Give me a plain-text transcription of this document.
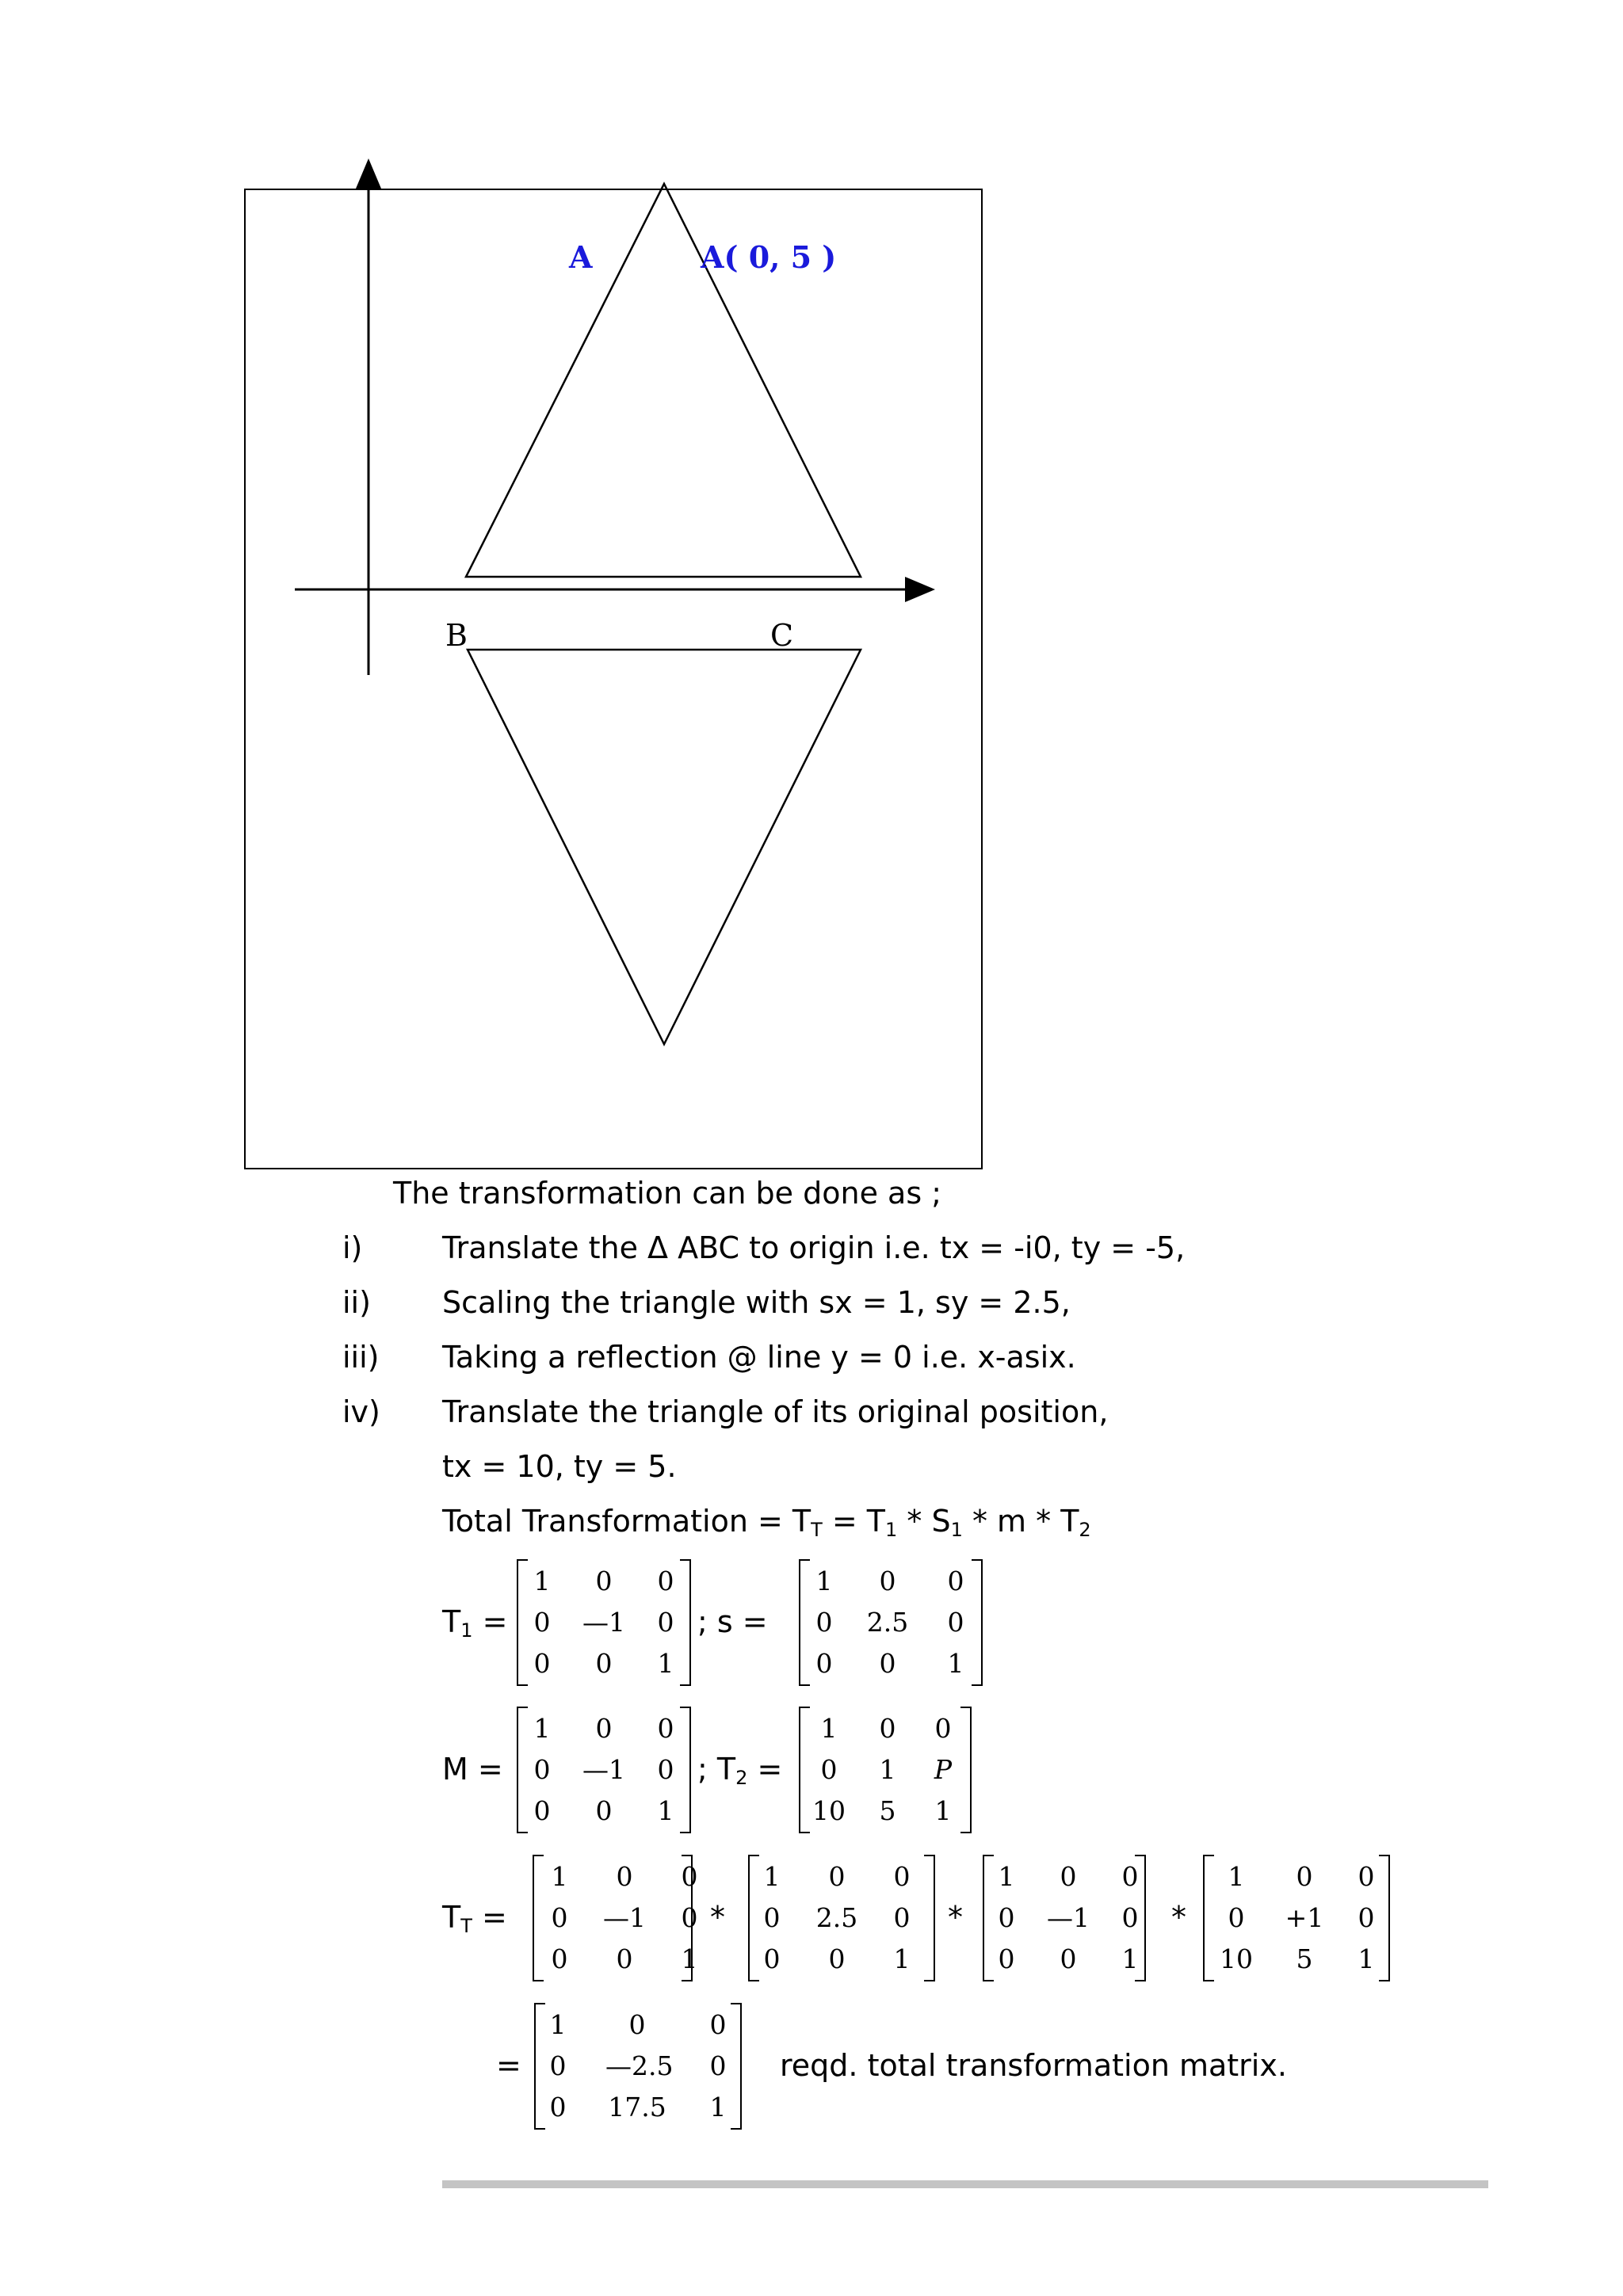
A	A( 0, 5 )
B	C
The transformation can be done as ;
i)	Translate the Δ ABC to origin i.e. tx = -i0, ty = -5,
ii) Scaling the triangle with sx = 1, sy = 2.5,
iii) Taking a reflection @ line y = 0 i.e. x-asix.
iv) Translate the triangle of its original position,
tx = 10, ty = 5.
Total Transformation = $T_T = T_1 * S_1 * m * T_2$
$T_1$ =	; s =
M =	; $T_2$ =
$T_T$ =	*	*	*
=	reqd. total transformation matrix.
1	0	0
0	—1	0
0	0	1
1	0	0
0	2.5	0
0	0	1
1	0	0
0	—1	0
0	0	1
1	0	0
0	1	P
10	5	1
1	0	0
0	—1	0
0	0	1
1	0	0
0	2.5	0
0	0	1
1	0	0
0	—1	0
0	0	1
1	0	0
0	+1	0
10	5	1
1	0	0
0	—2.5	0
0	17.5	1
